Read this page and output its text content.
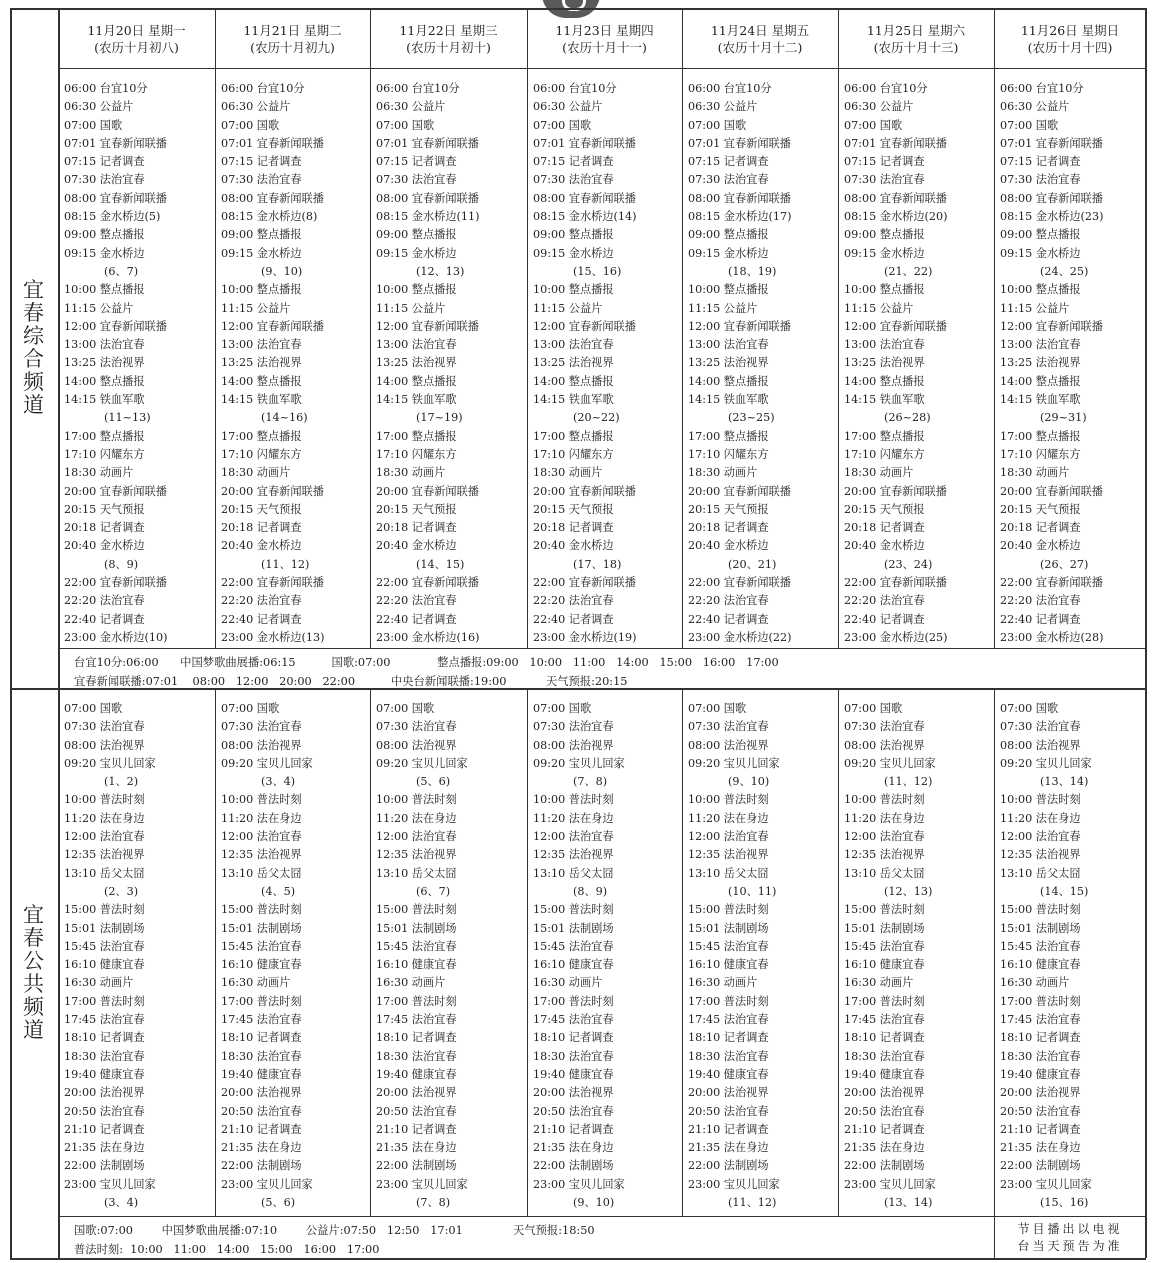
11月20日 星期一
(农历十月初八)
11月21日 星期二
(农历十月初九)
11月22日 星期三
(农历十月初十)
11月23日 星期四
(农历十月十一)
11月24日 星期五
(农历十月十二)
11月25日 星期六
(农历十月十三)
11月26日 星期日
(农历十月十四)
宜
春
综
合
频
道
06:00 台宜10分
06:30 公益片
07:00 国歌
07:01 宜春新闻联播
07:15 记者调查
07:30 法治宜春
08:00 宜春新闻联播
08:15 金水桥边(5)
09:00 整点播报
09:15 金水桥边
(6、7)
10:00 整点播报
11:15 公益片
12:00 宜春新闻联播
13:00 法治宜春
13:25 法治视界
14:00 整点播报
14:15 铁血军歌
(11~13)
17:00 整点播报
17:10 闪耀东方
18:30 动画片
20:00 宜春新闻联播
20:15 天气预报
20:18 记者调查
20:40 金水桥边
(8、9)
22:00 宜春新闻联播
22:20 法治宜春
22:40 记者调查
23:00 金水桥边(10)
06:00 台宜10分
06:30 公益片
07:00 国歌
07:01 宜春新闻联播
07:15 记者调查
07:30 法治宜春
08:00 宜春新闻联播
08:15 金水桥边(8)
09:00 整点播报
09:15 金水桥边
(9、10)
10:00 整点播报
11:15 公益片
12:00 宜春新闻联播
13:00 法治宜春
13:25 法治视界
14:00 整点播报
14:15 铁血军歌
(14~16)
17:00 整点播报
17:10 闪耀东方
18:30 动画片
20:00 宜春新闻联播
20:15 天气预报
20:18 记者调查
20:40 金水桥边
(11、12)
22:00 宜春新闻联播
22:20 法治宜春
22:40 记者调查
23:00 金水桥边(13)
06:00 台宜10分
06:30 公益片
07:00 国歌
07:01 宜春新闻联播
07:15 记者调查
07:30 法治宜春
08:00 宜春新闻联播
08:15 金水桥边(11)
09:00 整点播报
09:15 金水桥边
(12、13)
10:00 整点播报
11:15 公益片
12:00 宜春新闻联播
13:00 法治宜春
13:25 法治视界
14:00 整点播报
14:15 铁血军歌
(17~19)
17:00 整点播报
17:10 闪耀东方
18:30 动画片
20:00 宜春新闻联播
20:15 天气预报
20:18 记者调查
20:40 金水桥边
(14、15)
22:00 宜春新闻联播
22:20 法治宜春
22:40 记者调查
23:00 金水桥边(16)
06:00 台宜10分
06:30 公益片
07:00 国歌
07:01 宜春新闻联播
07:15 记者调查
07:30 法治宜春
08:00 宜春新闻联播
08:15 金水桥边(14)
09:00 整点播报
09:15 金水桥边
(15、16)
10:00 整点播报
11:15 公益片
12:00 宜春新闻联播
13:00 法治宜春
13:25 法治视界
14:00 整点播报
14:15 铁血军歌
(20~22)
17:00 整点播报
17:10 闪耀东方
18:30 动画片
20:00 宜春新闻联播
20:15 天气预报
20:18 记者调查
20:40 金水桥边
(17、18)
22:00 宜春新闻联播
22:20 法治宜春
22:40 记者调查
23:00 金水桥边(19)
06:00 台宜10分
06:30 公益片
07:00 国歌
07:01 宜春新闻联播
07:15 记者调查
07:30 法治宜春
08:00 宜春新闻联播
08:15 金水桥边(17)
09:00 整点播报
09:15 金水桥边
(18、19)
10:00 整点播报
11:15 公益片
12:00 宜春新闻联播
13:00 法治宜春
13:25 法治视界
14:00 整点播报
14:15 铁血军歌
(23~25)
17:00 整点播报
17:10 闪耀东方
18:30 动画片
20:00 宜春新闻联播
20:15 天气预报
20:18 记者调查
20:40 金水桥边
(20、21)
22:00 宜春新闻联播
22:20 法治宜春
22:40 记者调查
23:00 金水桥边(22)
06:00 台宜10分
06:30 公益片
07:00 国歌
07:01 宜春新闻联播
07:15 记者调查
07:30 法治宜春
08:00 宜春新闻联播
08:15 金水桥边(20)
09:00 整点播报
09:15 金水桥边
(21、22)
10:00 整点播报
11:15 公益片
12:00 宜春新闻联播
13:00 法治宜春
13:25 法治视界
14:00 整点播报
14:15 铁血军歌
(26~28)
17:00 整点播报
17:10 闪耀东方
18:30 动画片
20:00 宜春新闻联播
20:15 天气预报
20:18 记者调查
20:40 金水桥边
(23、24)
22:00 宜春新闻联播
22:20 法治宜春
22:40 记者调查
23:00 金水桥边(25)
06:00 台宜10分
06:30 公益片
07:00 国歌
07:01 宜春新闻联播
07:15 记者调查
07:30 法治宜春
08:00 宜春新闻联播
08:15 金水桥边(23)
09:00 整点播报
09:15 金水桥边
(24、25)
10:00 整点播报
11:15 公益片
12:00 宜春新闻联播
13:00 法治宜春
13:25 法治视界
14:00 整点播报
14:15 铁血军歌
(29~31)
17:00 整点播报
17:10 闪耀东方
18:30 动画片
20:00 宜春新闻联播
20:15 天气预报
20:18 记者调查
20:40 金水桥边
(26、27)
22:00 宜春新闻联播
22:20 法治宜春
22:40 记者调查
23:00 金水桥边(28)
台宜10分:06:00      中国梦歌曲展播:06:15          国歌:07:00             整点播报:09:00   10:00   11:00   14:00   15:00   16:00   17:00
宜春新闻联播:07:01    08:00   12:00   20:00   22:00          中央台新闻联播:19:00           天气预报:20:15
宜
春
公
共
频
道
07:00 国歌
07:30 法治宜春
08:00 法治视界
09:20 宝贝儿回家
(1、2)
10:00 普法时刻
11:20 法在身边
12:00 法治宜春
12:35 法治视界
13:10 岳父太囧
(2、3)
15:00 普法时刻
15:01 法制剧场
15:45 法治宜春
16:10 健康宜春
16:30 动画片
17:00 普法时刻
17:45 法治宜春
18:10 记者调查
18:30 法治宜春
19:40 健康宜春
20:00 法治视界
20:50 法治宜春
21:10 记者调查
21:35 法在身边
22:00 法制剧场
23:00 宝贝儿回家
(3、4)
07:00 国歌
07:30 法治宜春
08:00 法治视界
09:20 宝贝儿回家
(3、4)
10:00 普法时刻
11:20 法在身边
12:00 法治宜春
12:35 法治视界
13:10 岳父太囧
(4、5)
15:00 普法时刻
15:01 法制剧场
15:45 法治宜春
16:10 健康宜春
16:30 动画片
17:00 普法时刻
17:45 法治宜春
18:10 记者调查
18:30 法治宜春
19:40 健康宜春
20:00 法治视界
20:50 法治宜春
21:10 记者调查
21:35 法在身边
22:00 法制剧场
23:00 宝贝儿回家
(5、6)
07:00 国歌
07:30 法治宜春
08:00 法治视界
09:20 宝贝儿回家
(5、6)
10:00 普法时刻
11:20 法在身边
12:00 法治宜春
12:35 法治视界
13:10 岳父太囧
(6、7)
15:00 普法时刻
15:01 法制剧场
15:45 法治宜春
16:10 健康宜春
16:30 动画片
17:00 普法时刻
17:45 法治宜春
18:10 记者调查
18:30 法治宜春
19:40 健康宜春
20:00 法治视界
20:50 法治宜春
21:10 记者调查
21:35 法在身边
22:00 法制剧场
23:00 宝贝儿回家
(7、8)
07:00 国歌
07:30 法治宜春
08:00 法治视界
09:20 宝贝儿回家
(7、8)
10:00 普法时刻
11:20 法在身边
12:00 法治宜春
12:35 法治视界
13:10 岳父太囧
(8、9)
15:00 普法时刻
15:01 法制剧场
15:45 法治宜春
16:10 健康宜春
16:30 动画片
17:00 普法时刻
17:45 法治宜春
18:10 记者调查
18:30 法治宜春
19:40 健康宜春
20:00 法治视界
20:50 法治宜春
21:10 记者调查
21:35 法在身边
22:00 法制剧场
23:00 宝贝儿回家
(9、10)
07:00 国歌
07:30 法治宜春
08:00 法治视界
09:20 宝贝儿回家
(9、10)
10:00 普法时刻
11:20 法在身边
12:00 法治宜春
12:35 法治视界
13:10 岳父太囧
(10、11)
15:00 普法时刻
15:01 法制剧场
15:45 法治宜春
16:10 健康宜春
16:30 动画片
17:00 普法时刻
17:45 法治宜春
18:10 记者调查
18:30 法治宜春
19:40 健康宜春
20:00 法治视界
20:50 法治宜春
21:10 记者调查
21:35 法在身边
22:00 法制剧场
23:00 宝贝儿回家
(11、12)
07:00 国歌
07:30 法治宜春
08:00 法治视界
09:20 宝贝儿回家
(11、12)
10:00 普法时刻
11:20 法在身边
12:00 法治宜春
12:35 法治视界
13:10 岳父太囧
(12、13)
15:00 普法时刻
15:01 法制剧场
15:45 法治宜春
16:10 健康宜春
16:30 动画片
17:00 普法时刻
17:45 法治宜春
18:10 记者调查
18:30 法治宜春
19:40 健康宜春
20:00 法治视界
20:50 法治宜春
21:10 记者调查
21:35 法在身边
22:00 法制剧场
23:00 宝贝儿回家
(13、14)
07:00 国歌
07:30 法治宜春
08:00 法治视界
09:20 宝贝儿回家
(13、14)
10:00 普法时刻
11:20 法在身边
12:00 法治宜春
12:35 法治视界
13:10 岳父太囧
(14、15)
15:00 普法时刻
15:01 法制剧场
15:45 法治宜春
16:10 健康宜春
16:30 动画片
17:00 普法时刻
17:45 法治宜春
18:10 记者调查
18:30 法治宜春
19:40 健康宜春
20:00 法治视界
20:50 法治宜春
21:10 记者调查
21:35 法在身边
22:00 法制剧场
23:00 宝贝儿回家
(15、16)
国歌:07:00        中国梦歌曲展播:07:10        公益片:07:50   12:50   17:01              天气预报:18:50
普法时刻:  10:00   11:00   14:00   15:00   16:00   17:00
节目播出以电视
台当天预告为准
